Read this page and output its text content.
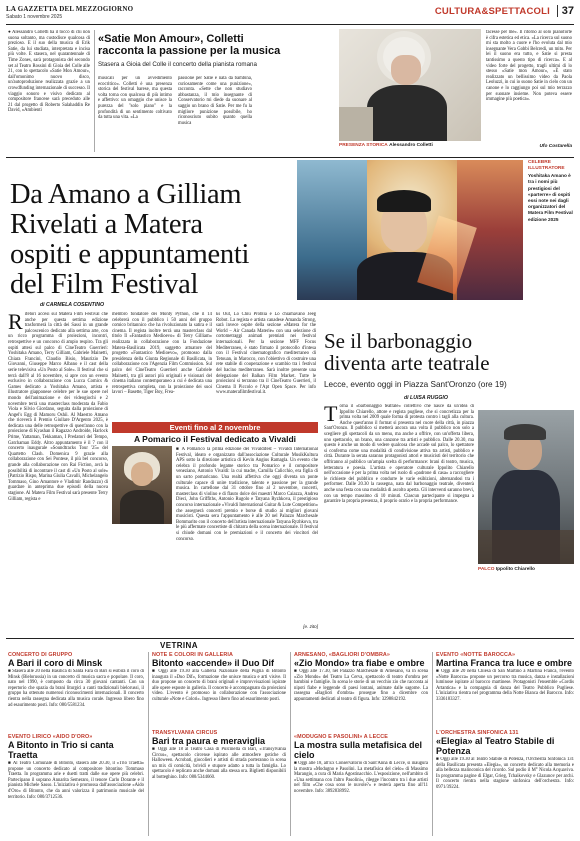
LA GAZZETTA DEL MEZZOGIORNO
Sabato 1 novembre 2025	CULTURA&SPETTACOLI	37
● Alessandro Colletti ha il tocco di chi non suona soltanto, ma custodisce qualcosa di prezioso. E il suo della musica di Erik Satie, da lui studiata, interpretata e incisa più volte. E stasera, nel quarantennale di Time Zones, sarà protagonista del secondo set al Teatro Rossini di Gioia del Colle alle 21, con lo spettacolo «Satie Mon Amour», dall'omonimo nuovo disco, un'autoproduzione realizzata grazie a un crowdfunding internazionale di successo. Il viaggio sonoro e visivo dedicato al compositore francese sarà preceduto alle 21 dal progetto di Roberto Salahaddin Re David, «Ambienti
«Satie Mon Amour», Colletti
racconta la passione per la musica
Stasera a Gioia del Colle il concerto della pianista romana
musicali per un avvedimento ecocritico». Colletti è una presenza storica del festival barese, ma questa volta torna con qualcosa di più intimo e affettivo: un omaggio che unisce la purezza del "solo piano" e la profondità di un sentimento coltivato da tutta una vita. «La
passione per Satie è nata da bambina, curiosamente come una punizione», racconta. «Sette che non studiavo abbastanza, il mio insegnante di Conservatorio mi diede da suonare al saggio un brano di Satie. Per me fu la migliore punizione possibile, ho riconosciuto subito quanto quella musica
PRESENZA STORICA Alessandro Colletti
facesse per me». Il ritorno al solo pianoforte è cifra estetica ed etica. «La ricerca sul suono mi sta molto a cuore e l'ho evoluta dal mio insegnante Vera Gobbi Belcredi, un mito. Per lei il suono era tutto, e Satie si presta tantissimo a questo tipo di ricerca». E al video forte del progetto, tragli ultimi di lo stesso «Satie mon Amour», «È stato realizzato un bellissimo video da Paola Leoluzzi, in cui io suono Satie in cielo con un canone e lo raggiungo poi sul mio terrazzo per suonare insieme. Non poteva essere immagine più poetica».
Ufo Costarella
Da Amano a Gilliam
Rivelati a Matera
ospiti e appuntamenti
del Film Festival
CELEBRE ILLUSTRATORE
Yoshitaka Amano è tra i nomi più prestigiosi del «parterre» di ospiti essi note nei dagli organizzatori del Matera Film Festival edizione 2025
di CARMELA COSENTINO
Rifetori accesi sul Matera Film Festival che anche per questa settima edizione trasformerà la città dei Sassi in un grande palcoscenico dedicato alla settima arte, con un ricco programma di proiezioni, incontri, retrospettive e un concorso di ampio respiro. Tra gli ospiti attesi sul palco di CineTeatro Guerrieri: Yoshitaka Amano, Terry Gilliam, Gabriele Mainetti, Chiara Francini, Claudio Bisio, Maurizio De Giovanni, Giuseppe Marco Albano e il cast della serie televisiva «Un Posto al Sole». Il festival che si terrà dall'8 al 16 novembre, si apre con un evento esclusivo in collaborazione con Lucca Comics & Games dedicato a Yoshitaka Amano, artista e illustratore giapponese celebre per le sue opere nel mondo dell'animazione e dei videogiochi e 2 novembre terrà una masterclass moderata da Fabio Viola e Silvio Giordano, seguita dalla proiezione di Angel's Egg di Mamoru Oshii. Al Maestro Amano che riceverà il Premio Giullare D'Argento 2025, è dedicata una delle retrospettive di quest'anno con la proiezione di Kyashan il Ragazzo Androide, Harlock Prime, Yattaman, Tekkaman, I Predatori del Tempo, Gatchaman Eddy. Altro appuntamento è il 7 con il concerto inaugurale «Soundtracks Tour '25» del Quartetto Clash. Domenica 9 grazie alla collaborazione con Sei Pontese, il più bel concorso, grande alla collaborazione con Rai Fiction, avrà la possibilità di incontrare il cast di «Un Posto al sole» (Patrizio Rispo, Marina Giulia Cavalli, Michelangelo Tommaso, Gino Amantore e Vladimir Randazzo) di guardare in anteprima due episodi della nuova stagione. Al Matera Film Festival sarà presente Terry Gilliam, regista e
membro fondatore dei Monty Python, che il 14 celebrerà con il pubblico i 50 anni del gruppo comico britannico che ha rivoluzionato la satira e il cinema. Il regista inoltre terrà una masterclass dal titolo Il «Fantastico Medioevo» di Terry Gilliam» realizzata in collaborazione con la Fondazione Matera-Basilicata 2019, saggetto attuatore del progetto «Fantastico Medioevo», promosso dalla presidenza della Giunta Regionale di Basilicata, in collaborazione con l'Agenzia Film Commission. Sul palco del CineTeatro Guerrieri anche Gabriele Mainetti, tra gli autori più originali e visionari del cinema italiano contemporaneo a cui è dedicata una retrospettiva completa, con la proiezione dei suoi lavori – Basette, Tiger Boy, Frea-
ks Out, Lo Chiù Problia e Lo chiamavano Jeeg Robot. La regista e artista canadese Amanda Strong, sarà invece ospite della sezione «Matera for the World – Air Canada Materie» con una selezione di cortometraggi animati premiati nei festival internazionali. Per la sezione MFF Focus Mediterraneo, è stato firmato il protocollo d'intesa con il Festival cinematografico mediterraneo di Tetouan, in Marocco, con l'obiettivo di costruire una rete stabile di cooperazione e scambio tra i festival del bacino mediterraneo. Sarà inoltre presente una delegazione del Balkan Film Market. Tutte le proiezioni si terranno tra il CineTeatro Guerrieri, il Cinema Il Piccolo e l'Apt Open Space. Per info www.materafilmfestival.it.
Eventi fino al 2 novembre
A Pomarico il Festival dedicato a Vivaldi
■ A Pomarico la prima edizione del Vivaldifest – Vivaldi International Festival, ideato e organizzato dall'associazione Culturale MusikKultura APS sotto la direzione artistica di Kevin Angius Ramagla. Un evento che celebra il profondo legame storico tra Pomarico e il compositore veneziano, Antonio Vivaldi: la cui madre, Camilla Calicchio, era figlia di un sarto pomaricano. Una realtà affettiva che oggi diventa un ponte culturale capace di unire tradizione, talento e passione per la grande musica. In cartellone dal 31 ottobre fino al 2 novembre, concerti, masterclass di violino e di flauto dolce dei maestri Marco Caiazza, Andrea Dieci, John Griffiths, Antonio Rugolo e Tatyana Ryzhkova, il prestigioso concorso internazionale «Vivaldi International Guitar & Lute Competition» che assegnerà concerti premio e borse di studio ai migliori giovani musicisti. Questa sera l'appuntamento è alle 20 nel Palazzo Marchesale Bommarito con il concerto dell'artista internazionale Tatyana Ryzhkova, tra le più affermate concertiste di chitarra della scena internazionale. Il festival si chiude domani con le premiazioni e il concerto dei vincitori del concorso.
[e. zito]
Se il barbonaggio
diventa arte teatrale
Lecce, evento oggi in Piazza Sant'Oronzo (ore 19)
di LUISA RUGGIO
Torna il «barbonaggio teatrale» collettivo che nasce da un'idea di Ippolito Chiarello, attore e regista pugliese, che si concretizza per la prima volta nel 2009 quale forma di protesta contro i tagli alla cultura. Anche quest'anno il format si presenta nel cuore della città, in piazza Sant'Oronzo. Il pubblico si metterà ancora una volta il pubblico non solo a scegliere gli spettacoli da un menu, ma anche a offrire, con un'offerta libera, uno spettacolo, un brano, una canzone tra artisti e pubblico. Dalle 20.30, ma questo è anche un modo di vedere qualcosa che accade sul palco, lo spettatore si conferma come una modalità di condivisione attiva tra artisti, pubblico e città. Durante la serata saranno protagonisti attori e musicisti del territorio che offriranno al pubblico un'ampia scelta di performance: brani di teatro, musica, letteratura e poesia. L'artista e operatore culturale Ippolito Chiarello nell'occasione è per la prima volta nel ruolo di «padrone di casa» a raccogliere le richieste del pubblico e condurre le varie esibizioni, alternandosi tra i performer. Dalle 20.30 la rassegna, nata dal barbonaggio teatrale, diventerà anche una festa con una modalità di ascolto aperta. Gli interventi saranno brevi, con un tempo massimo di 10 minuti. Ciascun partecipante si impegna a garantire la propria presenza, il proprio orario e la propria performance.
PALCO Ippolito Chiarello
VETRINA
CONCERTO DI GRUPPO
A Bari il coro di Minsk
■ Stasera alle 20 nella Basilica di Santa Fara di Bari si esibirà il coro di Minsk (Bielorussia) in un concerto di musica sacra e popolare. Il coro, nato nel 1990, è composto da circa 30 giovani cantanti. Con un repertorio che spazia da brani liturgici a canti tradizionali bielorussi, il gruppo ha ottenuto numerosi riconoscimenti internazionali. Il concerto rientra nella rassegna dedicata alla musica corale. Ingresso libero fino ad esaurimento posti. Info: 080/5581234.
EVENTO LIRICO «AIDO D'ORO»
A Bitonto in Trio si canta Traetta
■ Al Teatro Comunale di Bitonto, stasera alle 20.30, il «Trio Traetta» propone un concerto dedicato al compositore bitontino Tommaso Traetta. In programma arie e duetti tratti dalle sue opere più celebri. Partecipano il soprano Annarita Semeraro, il tenore Carlo Dorante e il pianista Michele Sasso. L'iniziativa è promossa dall'associazione «Aido d'Oro» di Bitonto, che da anni valorizza il patrimonio musicale del territorio. Info: 080/3712536.
NOTE E COLORI IN GALLERIA
Bitonto «accende» il Duo Dif
■ Oggi alle 19.30 alla Galleria Nazionale della Puglia di Bitonto inaugura il «Duo Dif», formazione che unisce musica e arti visive. Il duo propone un concerto di brani originali e improvvisazioni ispirate alle opere esposte in galleria. Il concerto è accompagnato da proiezioni video. L'evento è promosso in collaborazione con l'associazione culturale «Note e Colori». Ingresso libero fino ad esaurimento posti.
TRANSYLVANIA CIRCUS
Bari tra paura e meraviglia
■ Oggi alle 18 al Teatro Casa di Pulcinella di Bari, «Transylvania Circus», spettacolo circense ispirato alle atmosfere gotiche di Halloween. Acrobati, giocolieri e artisti di strada porteranno in scena un mix di comicità, brividi e stupore adatto a tutta la famiglia. Lo spettacolo è replicato anche domani alla stessa ora. Biglietti disponibili al botteghino. Info: 080/5344660.
ARNESANO, «BAGLIORI D'OMBRA»
«Zio Mondo» tra fiabe e ombre
■ Oggi alle 17.30, nel Palazzo Marchesale di Arnesano, va in scena «Zio Mondo» del Teatro La Cerva, spettacolo di teatro d'ombra per bambini e famiglie. In scena le storie di un vecchio zio che racconta ai nipoti fiabe e leggende di paesi lontani, animate dalle sagome. La rassegna «Bagliori d'ombra» prosegue fino a dicembre con appuntamenti dedicati al teatro di figura. Info: 3298842192.
«MODUGNO E PASOLINI» A LECCE
La mostra sulla metafisica del cielo
■ Oggi alle 18, all'Ex Conservatorio di Sant'Anna di Lecce, si inaugura la mostra «Modugno e Pasolini. La metafisica del cielo» di Massimo Marangio, a cura di Maria Agostinacchio. L'esposizione, nell'ambito di «Una settimana con l'altro Pasolini», rilegge l'incontro tra i due artisti nel film «Che cosa sono le nuvole?» e resterà aperta fino all'11 novembre. Info: 3892838992.
EVENTO «NOTTE BAROCCA»
Martina Franca tra luce e ombre
■ Oggi alle 20 nella Chiesa di San Martino a Martina Franca, l'evento «Notte Barocca» propone un percorso tra musica, danza e installazioni luminose ispirate al barocco martinese. Protagonisti l'ensemble «Cordis Artantica» e la compagnia di danza del Teatro Pubblico Pugliese. L'iniziativa rientra nel programma della Notte Bianca del Barocco. Info: 3336183327.
L'ORCHESTRA SINFONICA 131
«Elegia» al Teatro Stabile di Potenza
■ Oggi alle 19.30 al Teatro Stabile di Potenza, l'Orchestra Sinfonica 131 della Basilicata presenta «Elegia», un concerto dedicato alla memoria e alla bellezza malinconica del ricordo. Sul podio il M° Nicola Acquaviva. In programma pagine di Elgar, Grieg, Tchaikovsky e Glazunov per archi. Il concerto rientra nella stagione sinfonica dell'orchestra. Info: 0971/39224.
